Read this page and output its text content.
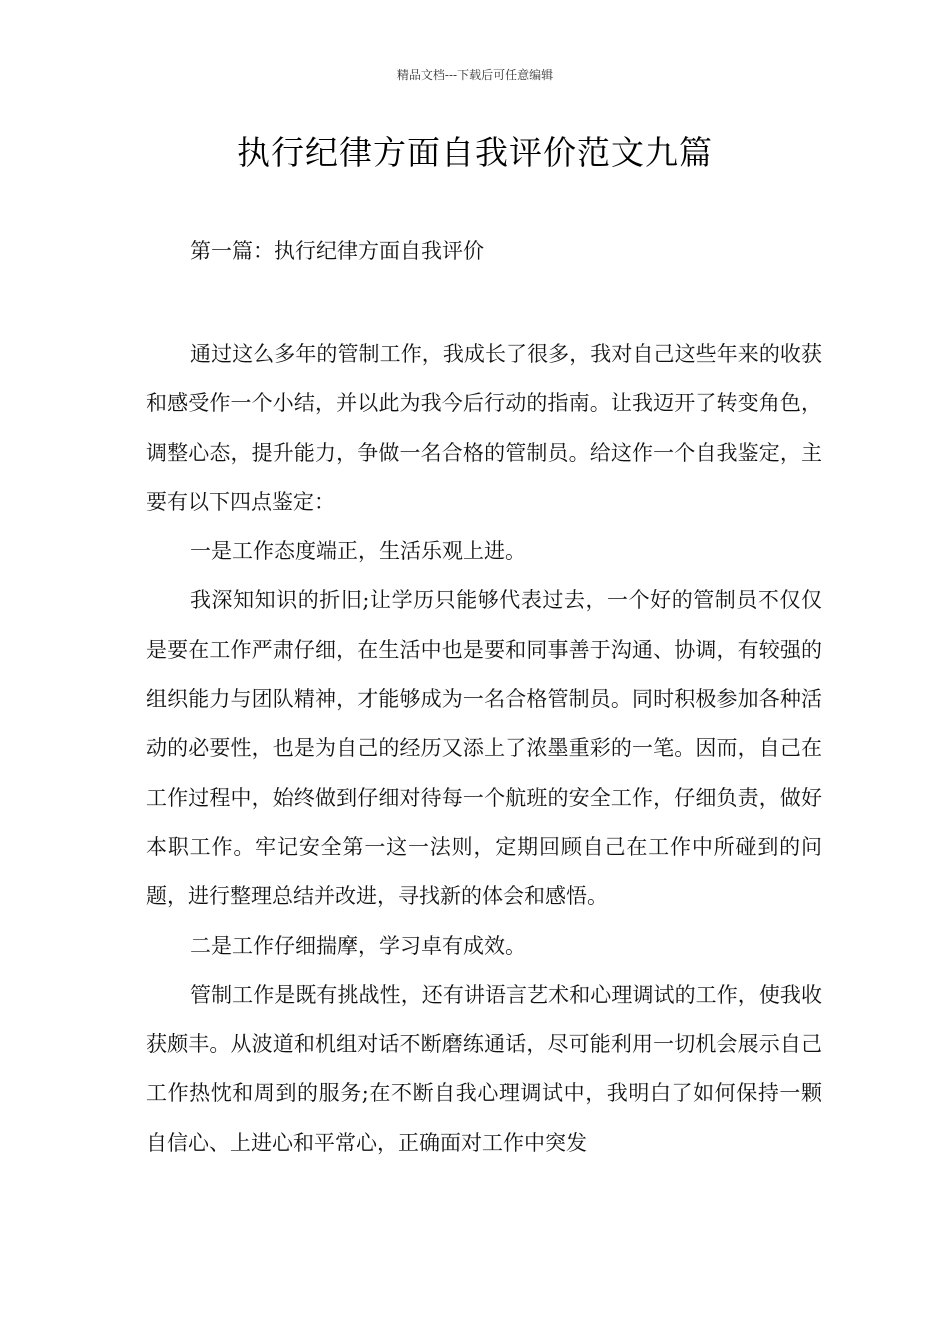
精品文档---下载后可任意编辑
执行纪律方面自我评价范文九篇
第一篇：执行纪律方面自我评价

通过这么多年的管制工作，我成长了很多，我对自己这些年来的收获和感受作一个小结，并以此为我今后行动的指南。让我迈开了转变角色，调整心态，提升能力，争做一名合格的管制员。给这作一个自我鉴定，主要有以下四点鉴定：

一是工作态度端正，生活乐观上进。

我深知知识的折旧;让学历只能够代表过去，一个好的管制员不仅仅是要在工作严肃仔细，在生活中也是要和同事善于沟通、协调，有较强的组织能力与团队精神，才能够成为一名合格管制员。同时积极参加各种活动的必要性，也是为自己的经历又添上了浓墨重彩的一笔。因而，自己在工作过程中，始终做到仔细对待每一个航班的安全工作，仔细负责，做好本职工作。牢记安全第一这一法则，定期回顾自己在工作中所碰到的问题，进行整理总结并改进，寻找新的体会和感悟。

二是工作仔细揣摩，学习卓有成效。

管制工作是既有挑战性，还有讲语言艺术和心理调试的工作，使我收获颇丰。从波道和机组对话不断磨练通话，尽可能利用一切机会展示自己工作热忱和周到的服务;在不断自我心理调试中，我明白了如何保持一颗自信心、上进心和平常心，正确面对工作中突发
